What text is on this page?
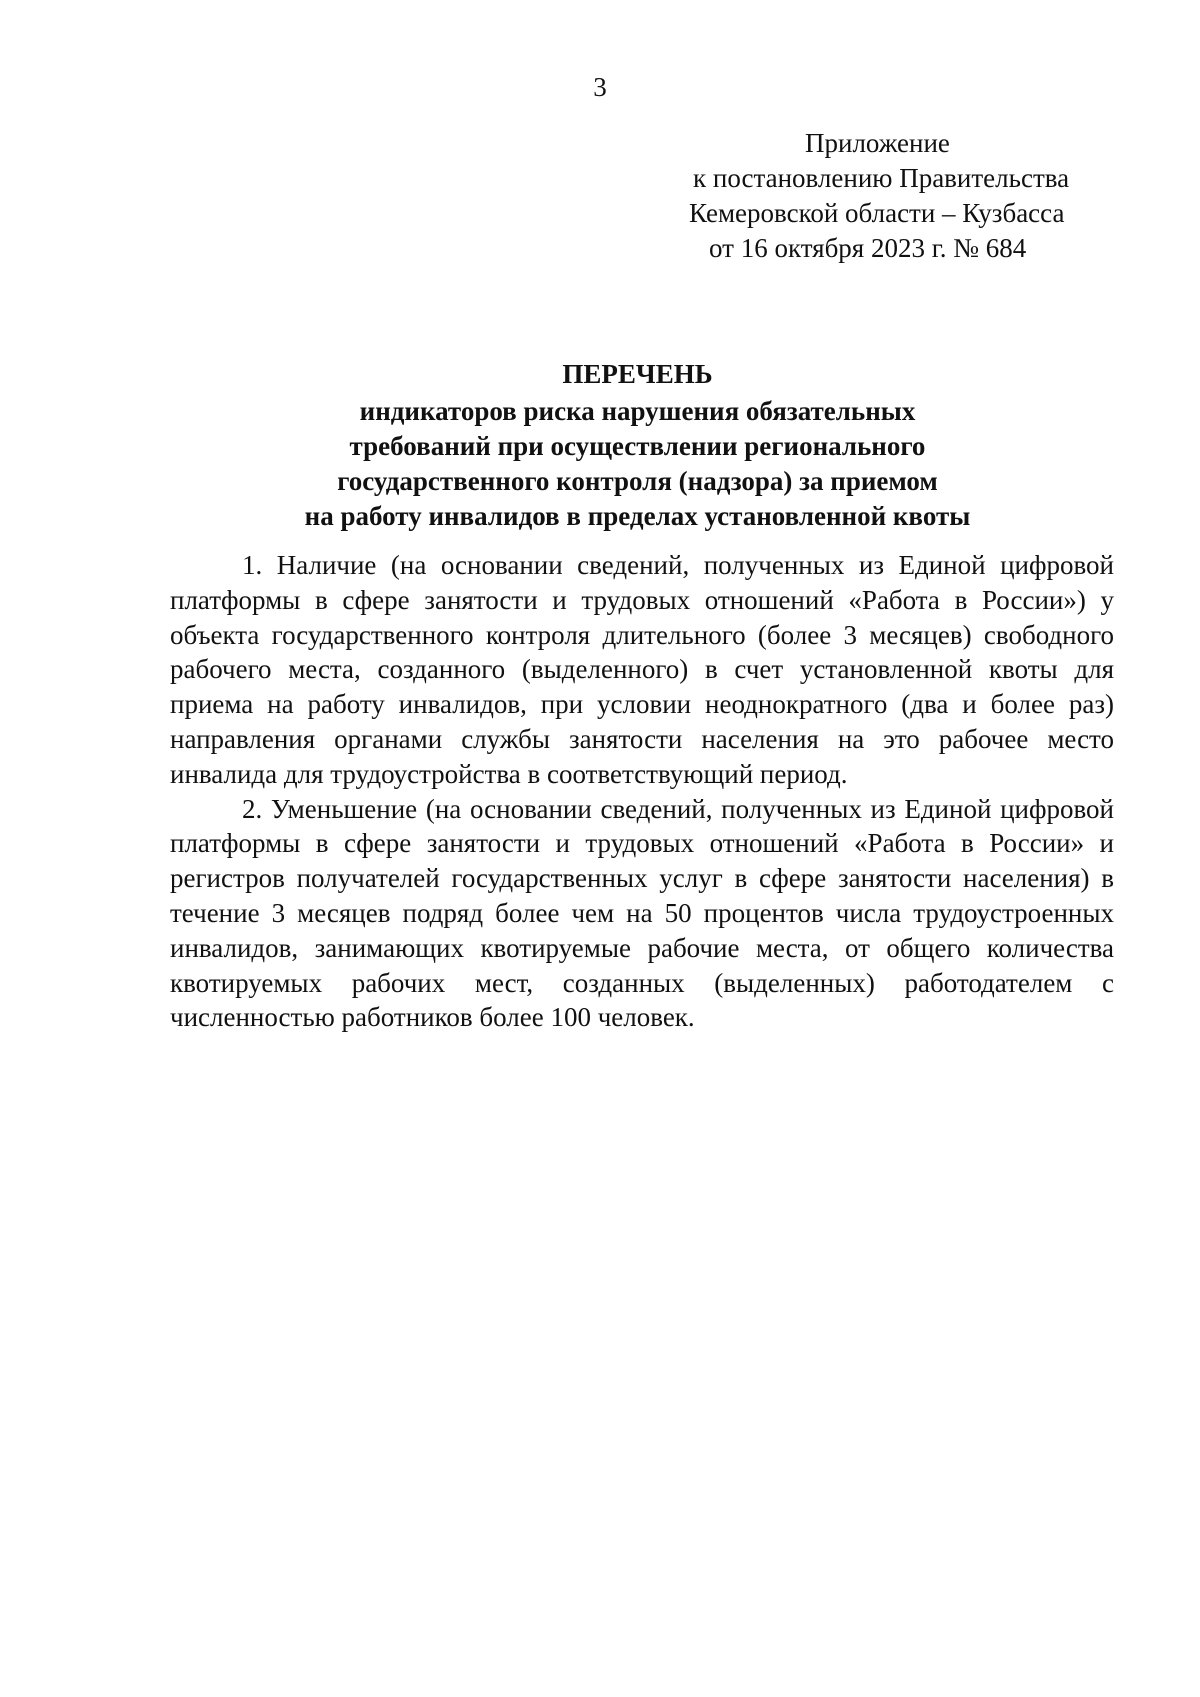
3
Приложение
к постановлению Правительства
Кемеровской области – Кузбасса
от 16 октября 2023 г. № 684
ПЕРЕЧЕНЬ
индикаторов риска нарушения обязательных
требований при осуществлении регионального
государственного контроля (надзора) за приемом
на работу инвалидов в пределах установленной квоты

1. Наличие (на основании сведений, полученных из Единой цифровой платформы в сфере занятости и трудовых отношений «Работа в России») у объекта государственного контроля длительного (более 3 месяцев) свободного рабочего места, созданного (выделенного) в счет установленной квоты для приема на работу инвалидов, при условии неоднократного (два и более раз) направления органами службы занятости населения на это рабочее место инвалида для трудоустройства в соответствующий период.

2. Уменьшение (на основании сведений, полученных из Единой цифровой платформы в сфере занятости и трудовых отношений «Работа в России» и регистров получателей государственных услуг в сфере занятости населения) в течение 3 месяцев подряд более чем на 50 процентов числа трудоустроенных инвалидов, занимающих квотируемые рабочие места, от общего количества квотируемых рабочих мест, созданных (выделенных) работодателем с численностью работников более 100 человек.
